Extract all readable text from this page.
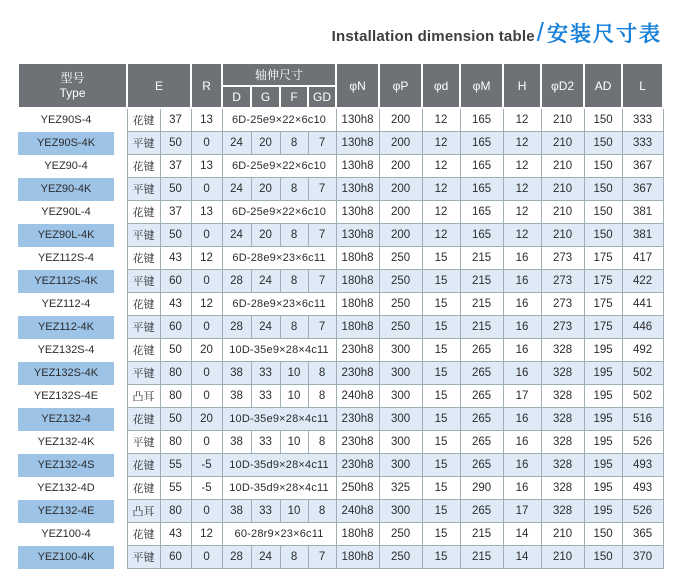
Installation dimension table / 安装尺寸表
型号
Type		E		R	轴伸尺寸				φN	φP	φd	φM	H	φD2	AD	L
					D	G	F	GD								
YEZ90S-4		花键	37	13	6D-25e9×22×6c10				130h8	200	12	165	12	210	150	333
YEZ90S-4K		平键	50	0	24	20	8	7	130h8	200	12	165	12	210	150	333
YEZ90-4		花键	37	13	6D-25e9×22×6c10				130h8	200	12	165	12	210	150	367
YEZ90-4K		平键	50	0	24	20	8	7	130h8	200	12	165	12	210	150	367
YEZ90L-4		花键	37	13	6D-25e9×22×6c10				130h8	200	12	165	12	210	150	381
YEZ90L-4K		平键	50	0	24	20	8	7	130h8	200	12	165	12	210	150	381
YEZ112S-4		花键	43	12	6D-28e9×23×6c11				180h8	250	15	215	16	273	175	417
YEZ112S-4K		平键	60	0	28	24	8	7	180h8	250	15	215	16	273	175	422
YEZ112-4		花键	43	12	6D-28e9×23×6c11				180h8	250	15	215	16	273	175	441
YEZ112-4K		平键	60	0	28	24	8	7	180h8	250	15	215	16	273	175	446
YEZ132S-4		花键	50	20	10D-35e9×28×4c11				230h8	300	15	265	16	328	195	492
YEZ132S-4K		平键	80	0	38	33	10	8	230h8	300	15	265	16	328	195	502
YEZ132S-4E		凸耳	80	0	38	33	10	8	240h8	300	15	265	17	328	195	502
YEZ132-4		花键	50	20	10D-35e9×28×4c11				230h8	300	15	265	16	328	195	516
YEZ132-4K		平键	80	0	38	33	10	8	230h8	300	15	265	16	328	195	526
YEZ132-4S		花键	55	-5	10D-35d9×28×4c11				230h8	300	15	265	16	328	195	493
YEZ132-4D		花键	55	-5	10D-35d9×28×4c11				250h8	325	15	290	16	328	195	493
YEZ132-4E		凸耳	80	0	38	33	10	8	240h8	300	15	265	17	328	195	526
YEZ100-4		花键	43	12	60-28r9×23×6c11				180h8	250	15	215	14	210	150	365
YEZ100-4K		平键	60	0	28	24	8	7	180h8	250	15	215	14	210	150	370
